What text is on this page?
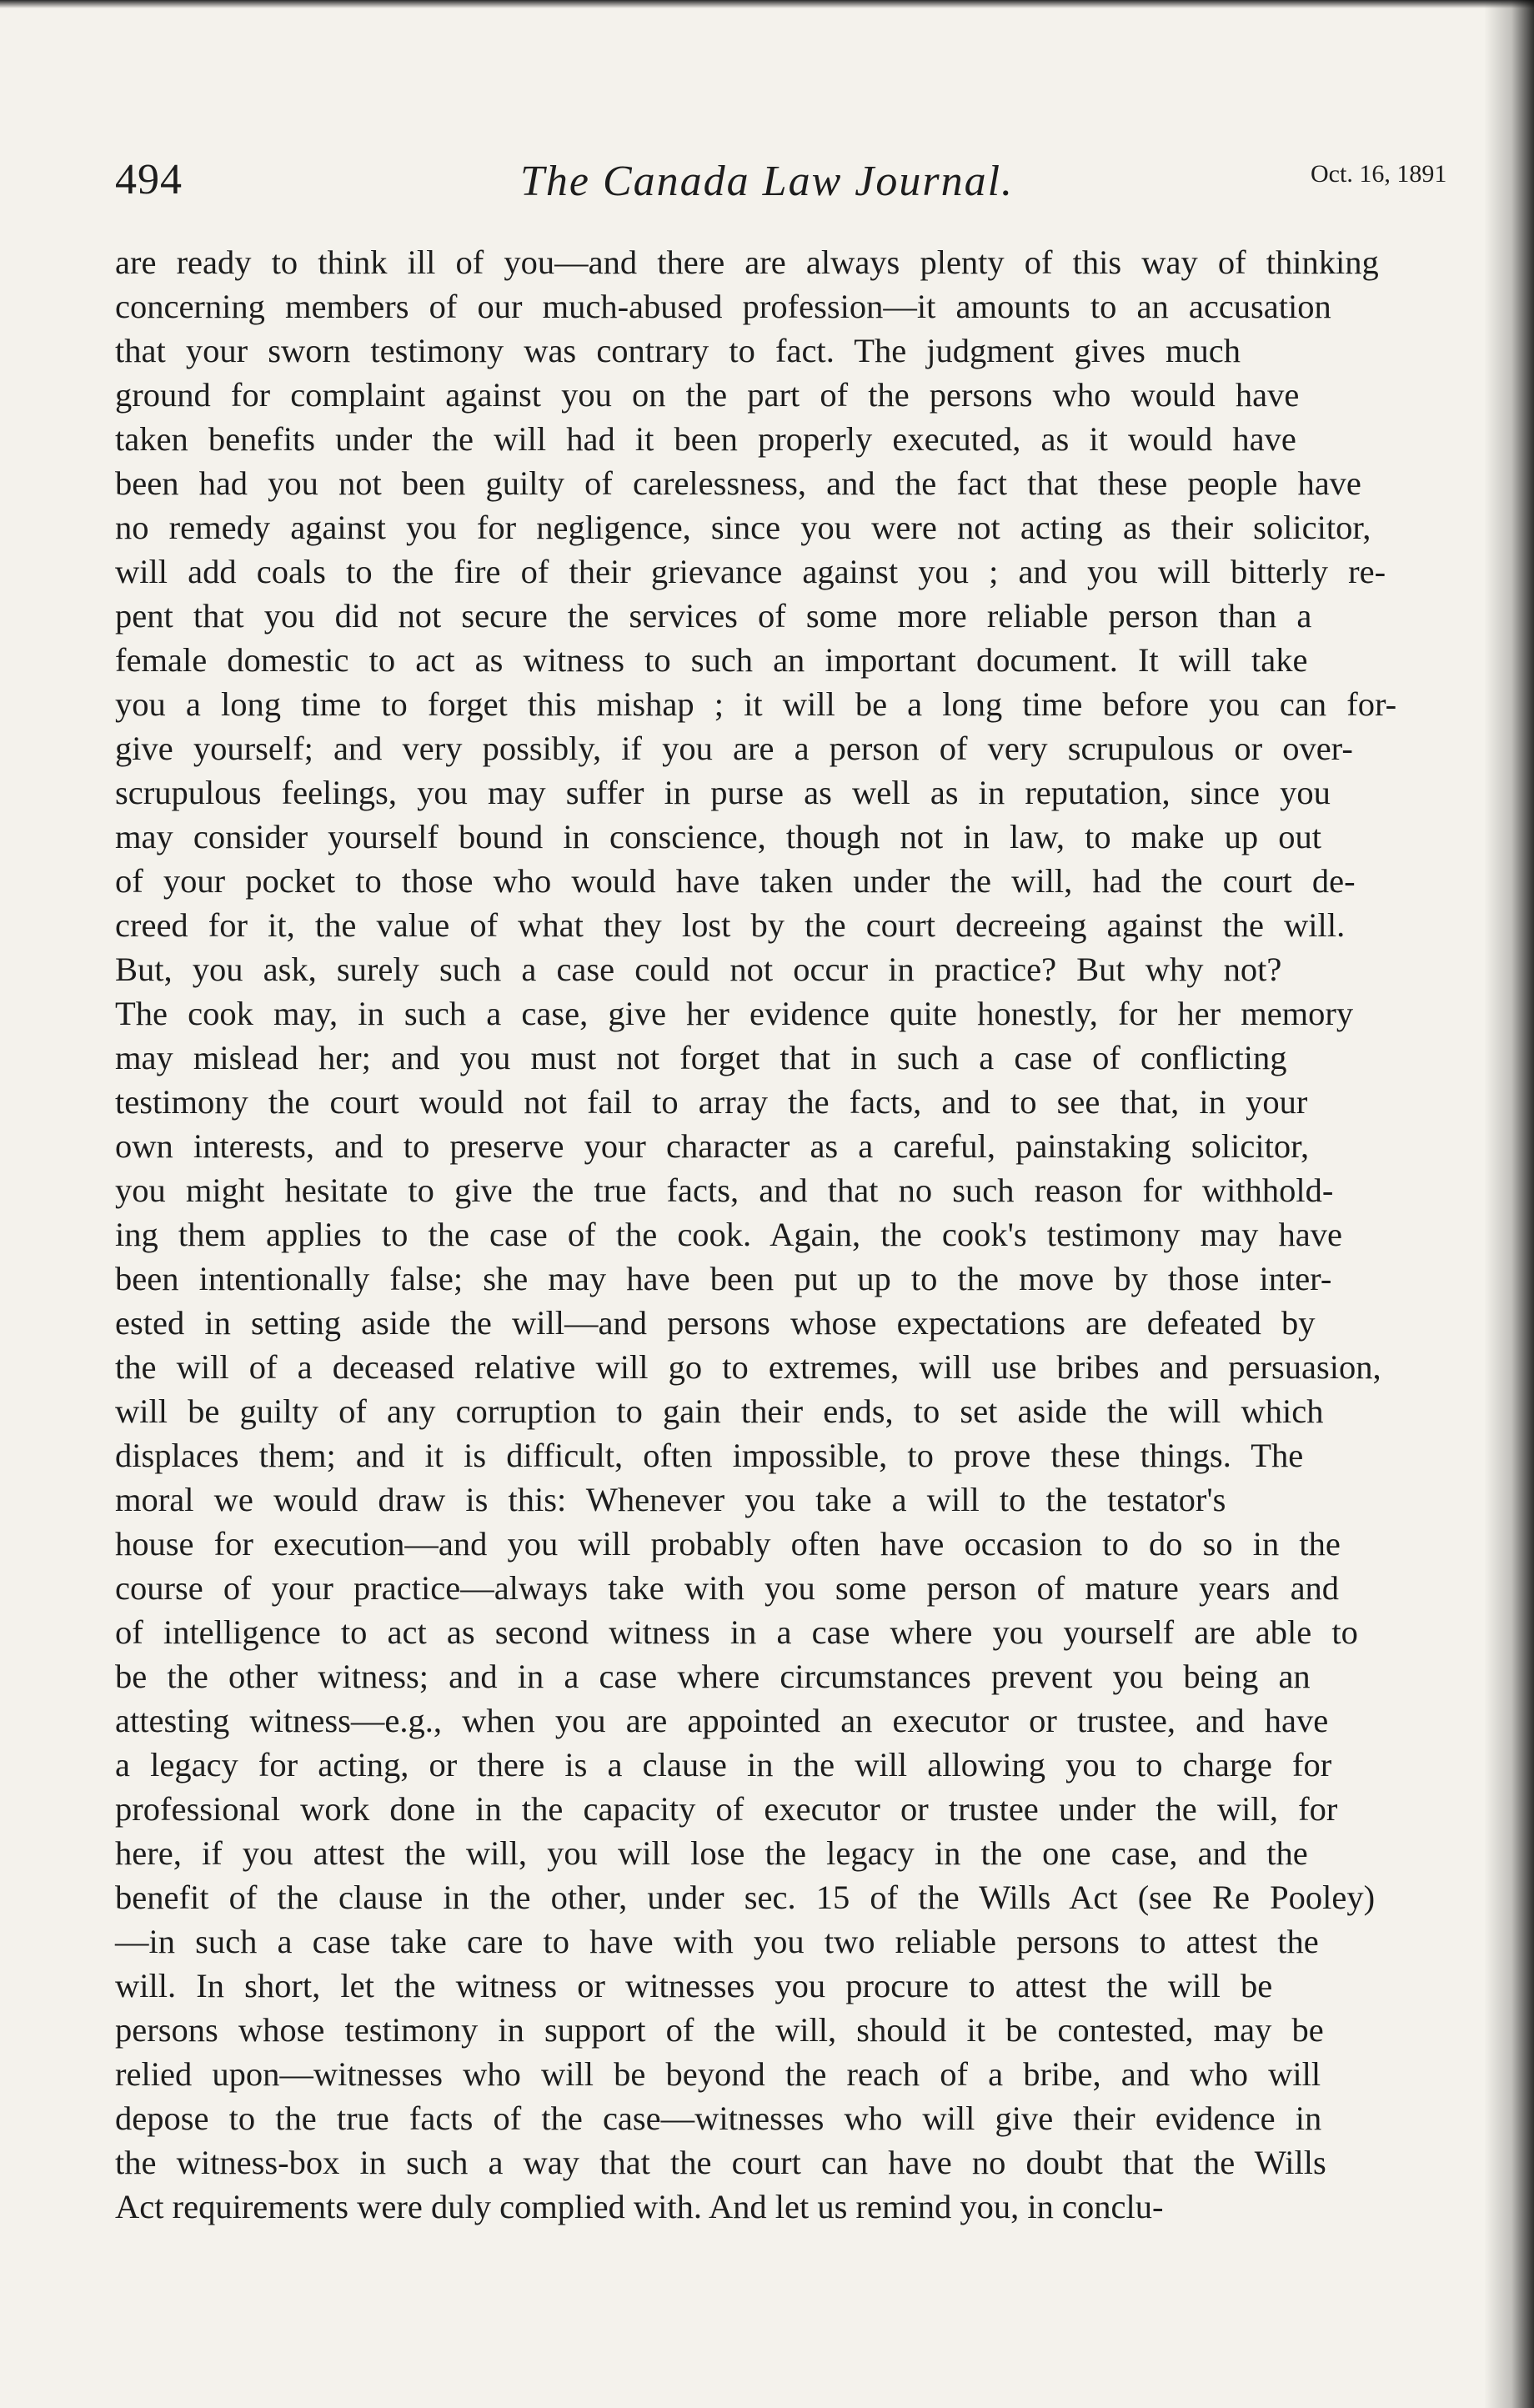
494	The Canada Law Journal.	Oct. 16, 1891
are ready to think ill of you—and there are always plenty of this way of thinking
concerning members of our much-abused profession—it amounts to an accusation
that your sworn testimony was contrary to fact. The judgment gives much
ground for complaint against you on the part of the persons who would have
taken benefits under the will had it been properly executed, as it would have
been had you not been guilty of carelessness, and the fact that these people have
no remedy against you for negligence, since you were not acting as their solicitor,
will add coals to the fire of their grievance against you ; and you will bitterly re-
pent that you did not secure the services of some more reliable person than a
female domestic to act as witness to such an important document. It will take
you a long time to forget this mishap ; it will be a long time before you can for-
give yourself; and very possibly, if you are a person of very scrupulous or over-
scrupulous feelings, you may suffer in purse as well as in reputation, since you
may consider yourself bound in conscience, though not in law, to make up out
of your pocket to those who would have taken under the will, had the court de-
creed for it, the value of what they lost by the court decreeing against the will.
But, you ask, surely such a case could not occur in practice? But why not?
The cook may, in such a case, give her evidence quite honestly, for her memory
may mislead her; and you must not forget that in such a case of conflicting
testimony the court would not fail to array the facts, and to see that, in your
own interests, and to preserve your character as a careful, painstaking solicitor,
you might hesitate to give the true facts, and that no such reason for withhold-
ing them applies to the case of the cook. Again, the cook's testimony may have
been intentionally false; she may have been put up to the move by those inter-
ested in setting aside the will—and persons whose expectations are defeated by
the will of a deceased relative will go to extremes, will use bribes and persuasion,
will be guilty of any corruption to gain their ends, to set aside the will which
displaces them; and it is difficult, often impossible, to prove these things. The
moral we would draw is this: Whenever you take a will to the testator's
house for execution—and you will probably often have occasion to do so in the
course of your practice—always take with you some person of mature years and
of intelligence to act as second witness in a case where you yourself are able to
be the other witness; and in a case where circumstances prevent you being an
attesting witness—e.g., when you are appointed an executor or trustee, and have
a legacy for acting, or there is a clause in the will allowing you to charge for
professional work done in the capacity of executor or trustee under the will, for
here, if you attest the will, you will lose the legacy in the one case, and the
benefit of the clause in the other, under sec. 15 of the Wills Act (see Re Pooley)
—in such a case take care to have with you two reliable persons to attest the
will. In short, let the witness or witnesses you procure to attest the will be
persons whose testimony in support of the will, should it be contested, may be
relied upon—witnesses who will be beyond the reach of a bribe, and who will
depose to the true facts of the case—witnesses who will give their evidence in
the witness-box in such a way that the court can have no doubt that the Wills
Act requirements were duly complied with. And let us remind you, in conclu-
